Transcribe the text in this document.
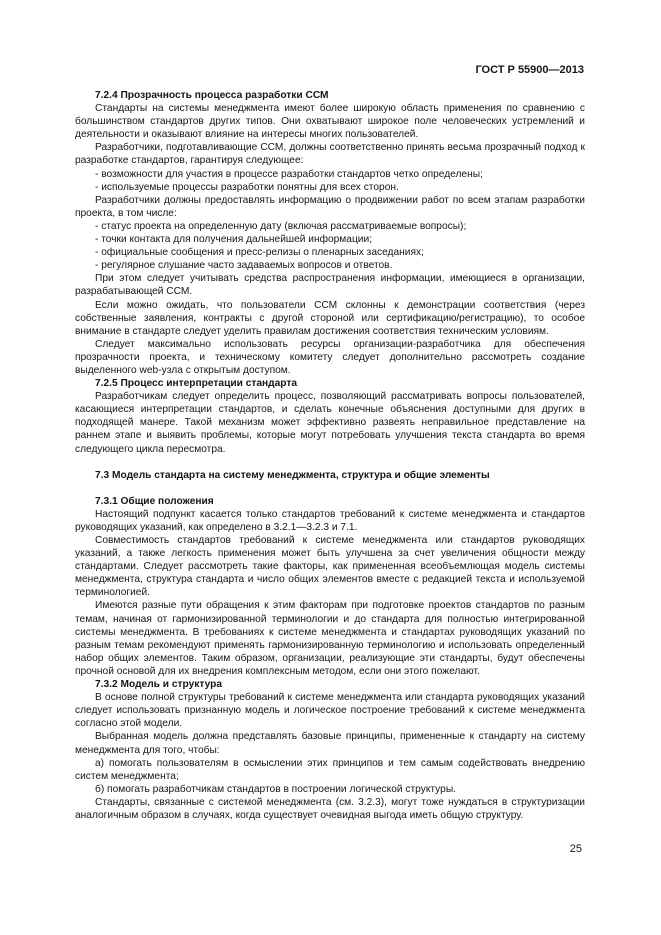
ГОСТ Р 55900—2013

7.2.4 Прозрачность процесса разработки ССМ

Стандарты на системы менеджмента имеют более широкую область применения по сравнению с большинством стандартов других типов. Они охватывают широкое поле человеческих устремлений и деятельности и оказывают влияние на интересы многих пользователей.

Разработчики, подготавливающие ССМ, должны соответственно принять весьма прозрачный подход к разработке стандартов, гарантируя следующее:

- возможности для участия в процессе разработки стандартов четко определены;

- используемые процессы разработки понятны для всех сторон.

Разработчики должны предоставлять информацию о продвижении работ по всем этапам разработки проекта, в том числе:

- статус проекта на определенную дату (включая рассматриваемые вопросы);

- точки контакта для получения дальнейшей информации;

- официальные сообщения и пресс-релизы о пленарных заседаниях;

- регулярное слушание часто задаваемых вопросов и ответов.

При этом следует учитывать средства распространения информации, имеющиеся в организации, разрабатывающей ССМ.

Если можно ожидать, что пользователи ССМ склонны к демонстрации соответствия (через собственные заявления, контракты с другой стороной или сертификацию/регистрацию), то особое внимание в стандарте следует уделить правилам достижения соответствия техническим условиям.

Следует максимально использовать ресурсы организации-разработчика для обеспечения прозрачности проекта, и техническому комитету следует дополнительно рассмотреть создание выделенного web-узла с открытым доступом.

7.2.5 Процесс интерпретации стандарта

Разработчикам следует определить процесс, позволяющий рассматривать вопросы пользователей, касающиеся интерпретации стандартов, и сделать конечные объяснения доступными для других в подходящей манере. Такой механизм может эффективно развеять неправильное представление на раннем этапе и выявить проблемы, которые могут потребовать улучшения текста стандарта во время следующего цикла пересмотра.

7.3 Модель стандарта на систему менеджмента, структура и общие элементы

7.3.1 Общие положения

Настоящий подпункт касается только стандартов требований к системе менеджмента и стандартов руководящих указаний, как определено в 3.2.1—3.2.3 и 7.1.

Совместимость стандартов требований к системе менеджмента или стандартов руководящих указаний, а также легкость применения может быть улучшена за счет увеличения общности между стандартами. Следует рассмотреть такие факторы, как примененная всеобъемлющая модель системы менеджмента, структура стандарта и число общих элементов вместе с редакцией текста и используемой терминологией.

Имеются разные пути обращения к этим факторам при подготовке проектов стандартов по разным темам, начиная от гармонизированной терминологии и до стандарта для полностью интегрированной системы менеджмента. В требованиях к системе менеджмента и стандартах руководящих указаний по разным темам рекомендуют применять гармонизированную терминологию и использовать определенный набор общих элементов. Таким образом, организации, реализующие эти стандарты, будут обеспечены прочной основой для их внедрения комплексным методом, если они этого пожелают.

7.3.2 Модель и структура

В основе полной структуры требований к системе менеджмента или стандарта руководящих указаний следует использовать признанную модель и логическое построение требований к системе менеджмента согласно этой модели.

Выбранная модель должна представлять базовые принципы, примененные к стандарту на систему менеджмента для того, чтобы:

а) помогать пользователям в осмыслении этих принципов и тем самым содействовать внедрению систем менеджмента;

б) помогать разработчикам стандартов в построении логической структуры.

Стандарты, связанные с системой менеджмента (см. 3.2.3), могут тоже нуждаться в структуризации аналогичным образом в случаях, когда существует очевидная выгода иметь общую структуру.

25
